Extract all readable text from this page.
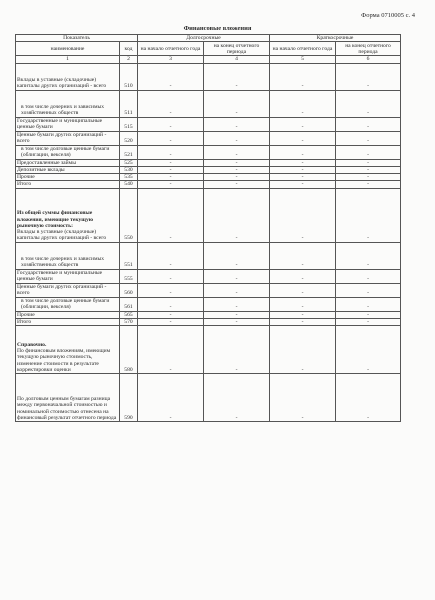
Форма 0710005 с. 4
Финансовые вложения
Показатель		Долгосрочные		Краткосрочные	
наименование	код	на начало отчетного года	на конец отчетного периода	на начало отчетного года	на конец отчетного периода
1	2	3	4	5	6
Вклады в уставные (складочные) капиталы других организаций - всего	510	-	-	-	-
в том числе дочерних и зависимых хозяйственных обществ	511	-	-	-	-
Государственные и муниципальные ценные бумаги	515	-	-	-	-
Ценные бумаги других организаций - всего	520	-	-	-	-
в том числе долговые ценные бумаги (облигации, векселя)	521	-	-	-	-
Предоставленные займы	525	-	-	-	-
Депозитные вклады	530	-	-	-	-
Прочие	535	-	-	-	-
Итого	540	-	-	-	-

Из общей суммы финансовые вложения, имеющие текущую рыночную стоимость:
Вклады в уставные (складочные) капиталы других организаций - всего	550	-	-	-	-
в том числе дочерних и зависимых хозяйственных обществ	551	-	-	-	-
Государственные и муниципальные ценные бумаги	555	-	-	-	-
Ценные бумаги других организаций - всего	560	-	-	-	-
в том числе долговые ценные бумаги (облигации, векселя)	561	-	-	-	-
Прочие	565	-	-	-	-
Итого	570	-	-	-	-

Справочно.
По финансовым вложениям, имеющим текущую рыночную стоимость, изменение стоимости в результате корректировки оценки	580	-	-	-	-
По долговым ценным бумагам разница между первоначальной стоимостью и номинальной стоимостью отнесена на финансовый результат отчетного периода	590	-	-	-	-
